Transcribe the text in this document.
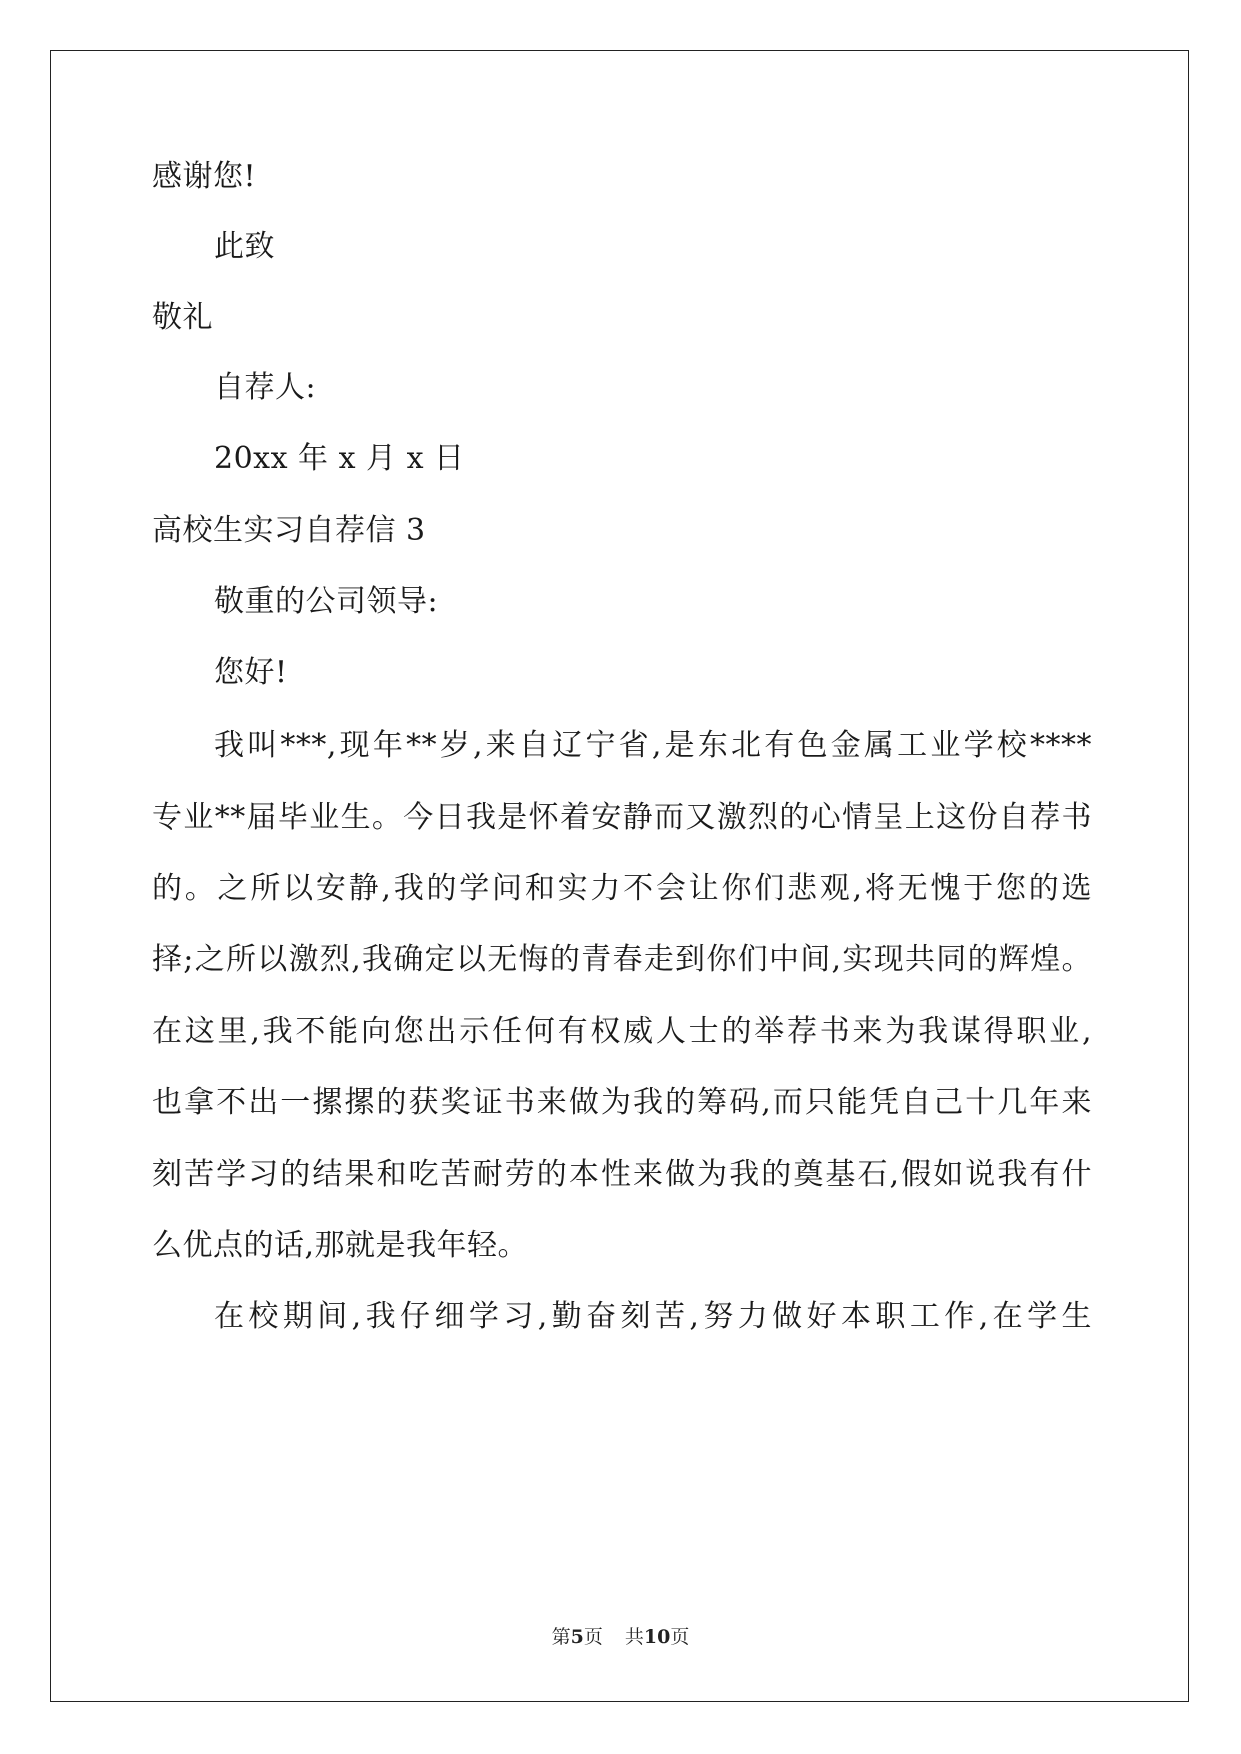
感谢您!
此致
敬礼
自荐人:
20xx 年 x 月 x 日
高校生实习自荐信 3
敬重的公司领导:
您好!
我叫***,现年**岁,来自辽宁省,是东北有色金属工业学校****
专业**届毕业生。今日我是怀着安静而又激烈的心情呈上这份自荐书
的。之所以安静,我的学问和实力不会让你们悲观,将无愧于您的选
择;之所以激烈,我确定以无悔的青春走到你们中间,实现共同的辉煌。
在这里,我不能向您出示任何有权威人士的举荐书来为我谋得职业,
也拿不出一摞摞的获奖证书来做为我的筹码,而只能凭自己十几年来
刻苦学习的结果和吃苦耐劳的本性来做为我的奠基石,假如说我有什
么优点的话,那就是我年轻。
在校期间,我仔细学习,勤奋刻苦,努力做好本职工作,在学生
第5页 共10页
